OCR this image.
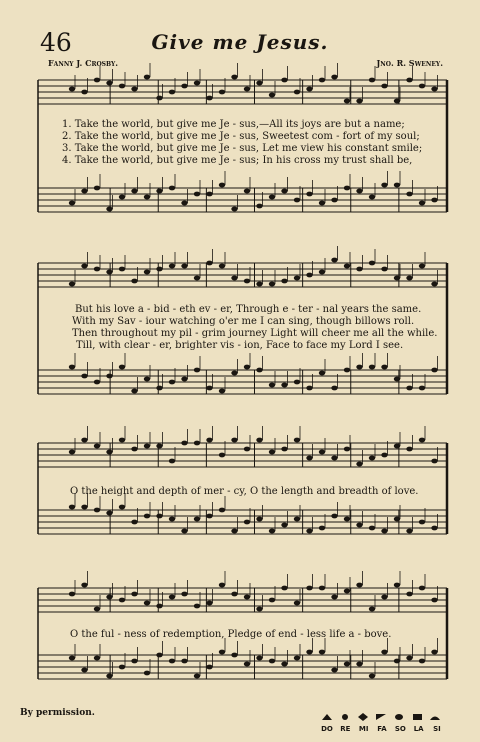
46	Give me Jesus.
Fanny J. Crosby.	Jno. R. Sweney.
1. Take the world, but give me Je - sus,—All its joys are but a name;
2. Take the world, but give me Je - sus, Sweetest com - fort of my soul;
3. Take the world, but give me Je - sus, Let me view his constant smile;
4. Take the world, but give me Je - sus; In his cross my trust shall be,
But his love a - bid - eth ev - er, Through e - ter - nal years the same.
With my Sav - iour watching o'er me I can sing, though billows roll.
Then throughout my pil - grim journey Light will cheer me all the while.
Till, with clear - er, brighter vis - ion, Face to face my Lord I see.
O the height and depth of mer - cy, O the length and breadth of love.
O the ful - ness of redemption, Pledge of end - less life a - bove.
By permission.
DO RE	MI	FA	SO LA	SI
